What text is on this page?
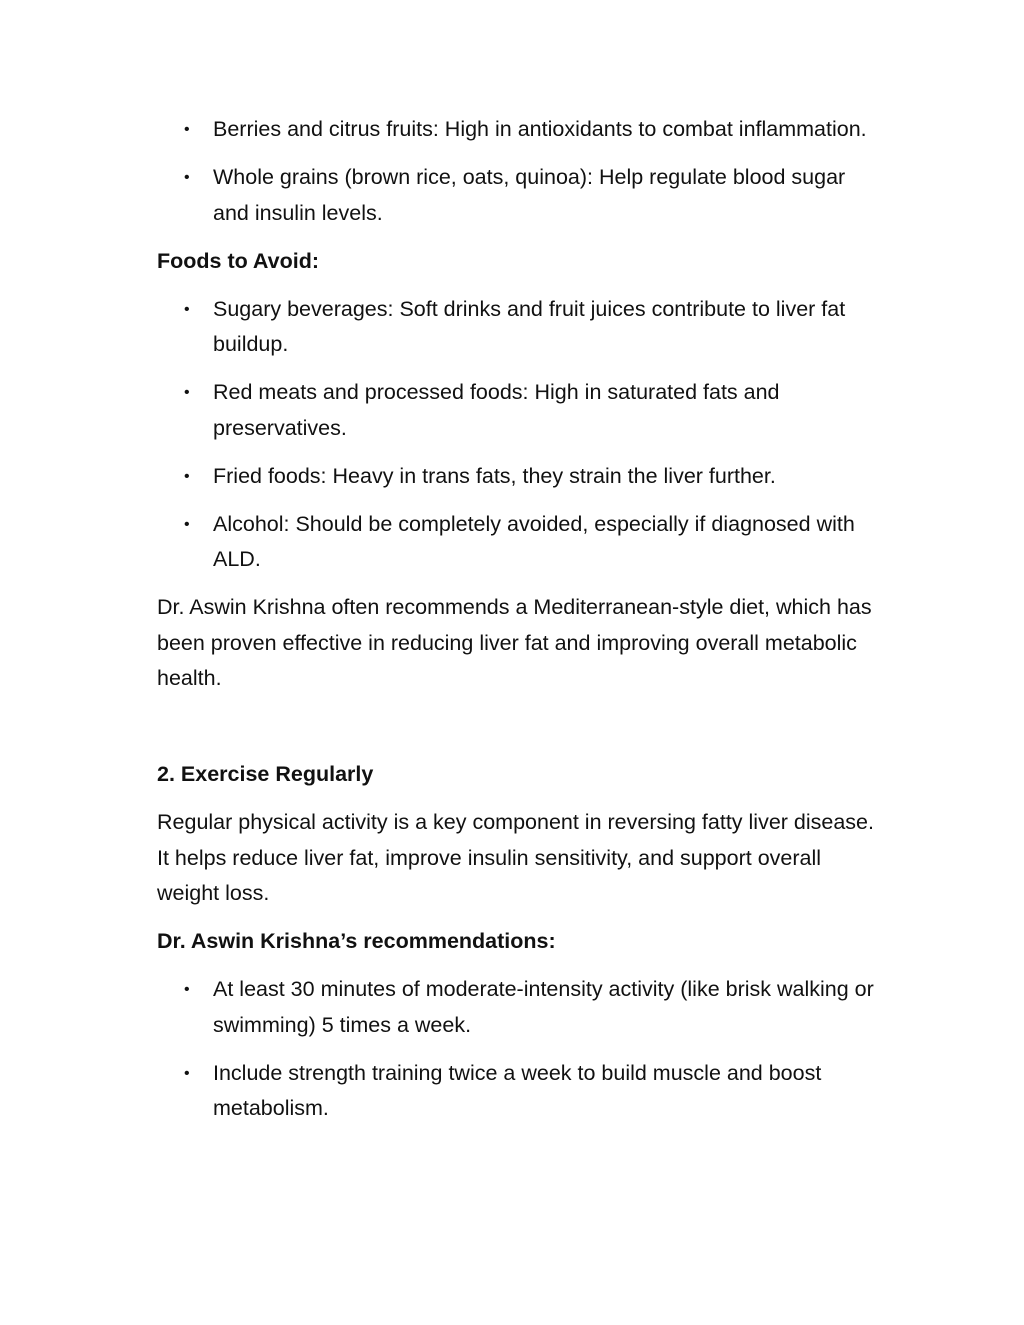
• Berries and citrus fruits: High in antioxidants to combat inflammation.
• Whole grains (brown rice, oats, quinoa): Help regulate blood sugar and insulin levels.

Foods to Avoid:

• Sugary beverages: Soft drinks and fruit juices contribute to liver fat buildup.
• Red meats and processed foods: High in saturated fats and preservatives.
• Fried foods: Heavy in trans fats, they strain the liver further.
• Alcohol: Should be completely avoided, especially if diagnosed with ALD.

Dr. Aswin Krishna often recommends a Mediterranean-style diet, which has been proven effective in reducing liver fat and improving overall metabolic health.

2. Exercise Regularly

Regular physical activity is a key component in reversing fatty liver disease. It helps reduce liver fat, improve insulin sensitivity, and support overall weight loss.

Dr. Aswin Krishna’s recommendations:

• At least 30 minutes of moderate-intensity activity (like brisk walking or swimming) 5 times a week.
• Include strength training twice a week to build muscle and boost metabolism.
